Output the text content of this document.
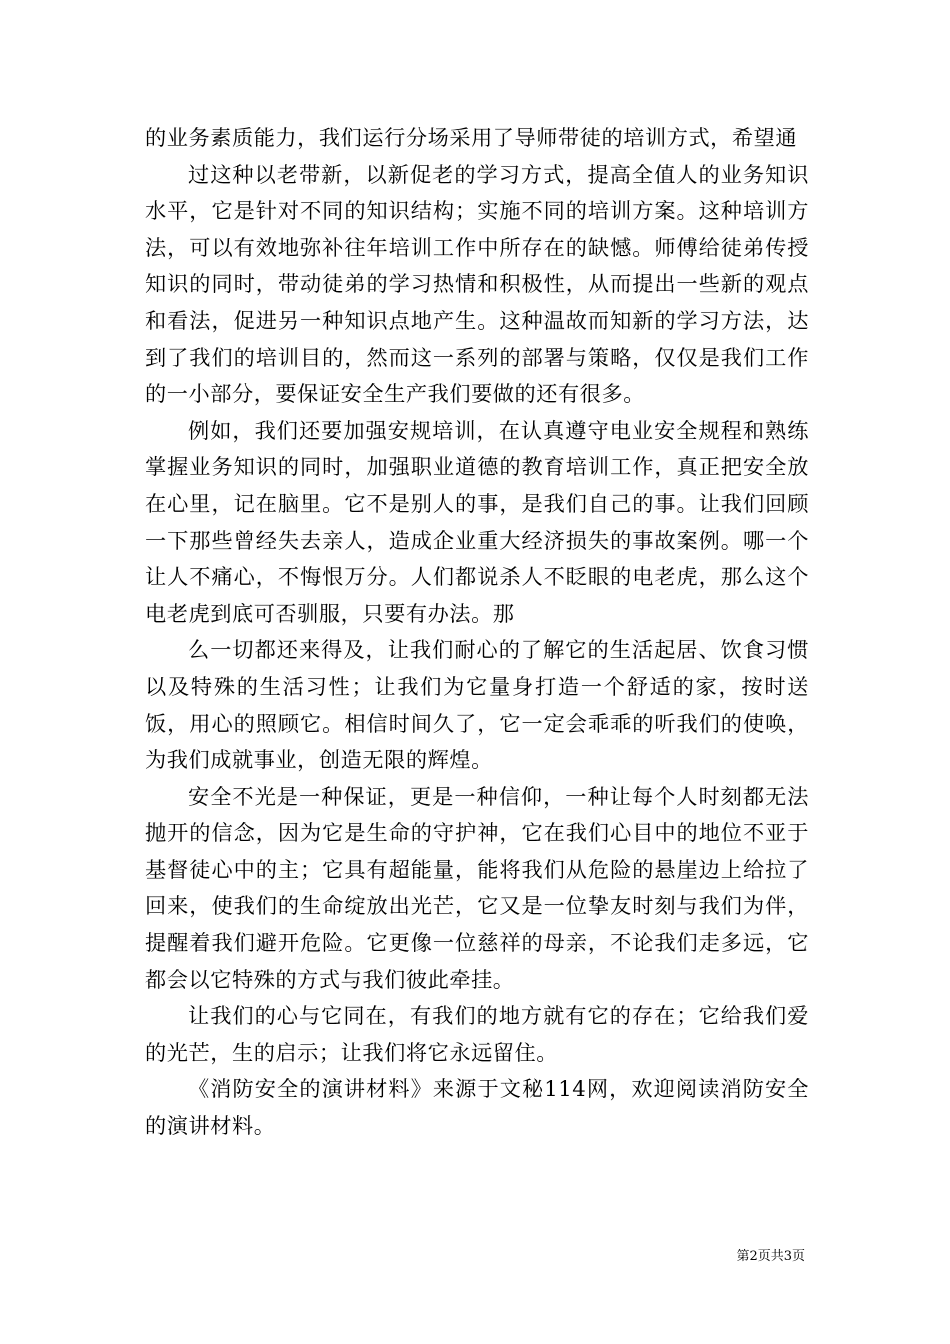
的业务素质能力，我们运行分场采用了导师带徒的培训方式，希望通

过这种以老带新，以新促老的学习方式，提高全值人的业务知识水平，它是针对不同的知识结构；实施不同的培训方案。这种培训方法，可以有效地弥补往年培训工作中所存在的缺憾。师傅给徒弟传授知识的同时，带动徒弟的学习热情和积极性，从而提出一些新的观点和看法，促进另一种知识点地产生。这种温故而知新的学习方法，达到了我们的培训目的，然而这一系列的部署与策略，仅仅是我们工作的一小部分，要保证安全生产我们要做的还有很多。

例如，我们还要加强安规培训，在认真遵守电业安全规程和熟练掌握业务知识的同时，加强职业道德的教育培训工作，真正把安全放在心里，记在脑里。它不是别人的事，是我们自己的事。让我们回顾一下那些曾经失去亲人，造成企业重大经济损失的事故案例。哪一个让人不痛心，不悔恨万分。人们都说杀人不眨眼的电老虎，那么这个电老虎到底可否驯服，只要有办法。那

么一切都还来得及，让我们耐心的了解它的生活起居、饮食习惯以及特殊的生活习性；让我们为它量身打造一个舒适的家，按时送饭，用心的照顾它。相信时间久了，它一定会乖乖的听我们的使唤，为我们成就事业，创造无限的辉煌。

安全不光是一种保证，更是一种信仰，一种让每个人时刻都无法抛开的信念，因为它是生命的守护神，它在我们心目中的地位不亚于基督徒心中的主；它具有超能量，能将我们从危险的悬崖边上给拉了回来，使我们的生命绽放出光芒，它又是一位挚友时刻与我们为伴，提醒着我们避开危险。它更像一位慈祥的母亲，不论我们走多远，它都会以它特殊的方式与我们彼此牵挂。

让我们的心与它同在，有我们的地方就有它的存在；它给我们爱的光芒，生的启示；让我们将它永远留住。

《消防安全的演讲材料》来源于文秘114网，欢迎阅读消防安全的演讲材料。

第2页共3页
